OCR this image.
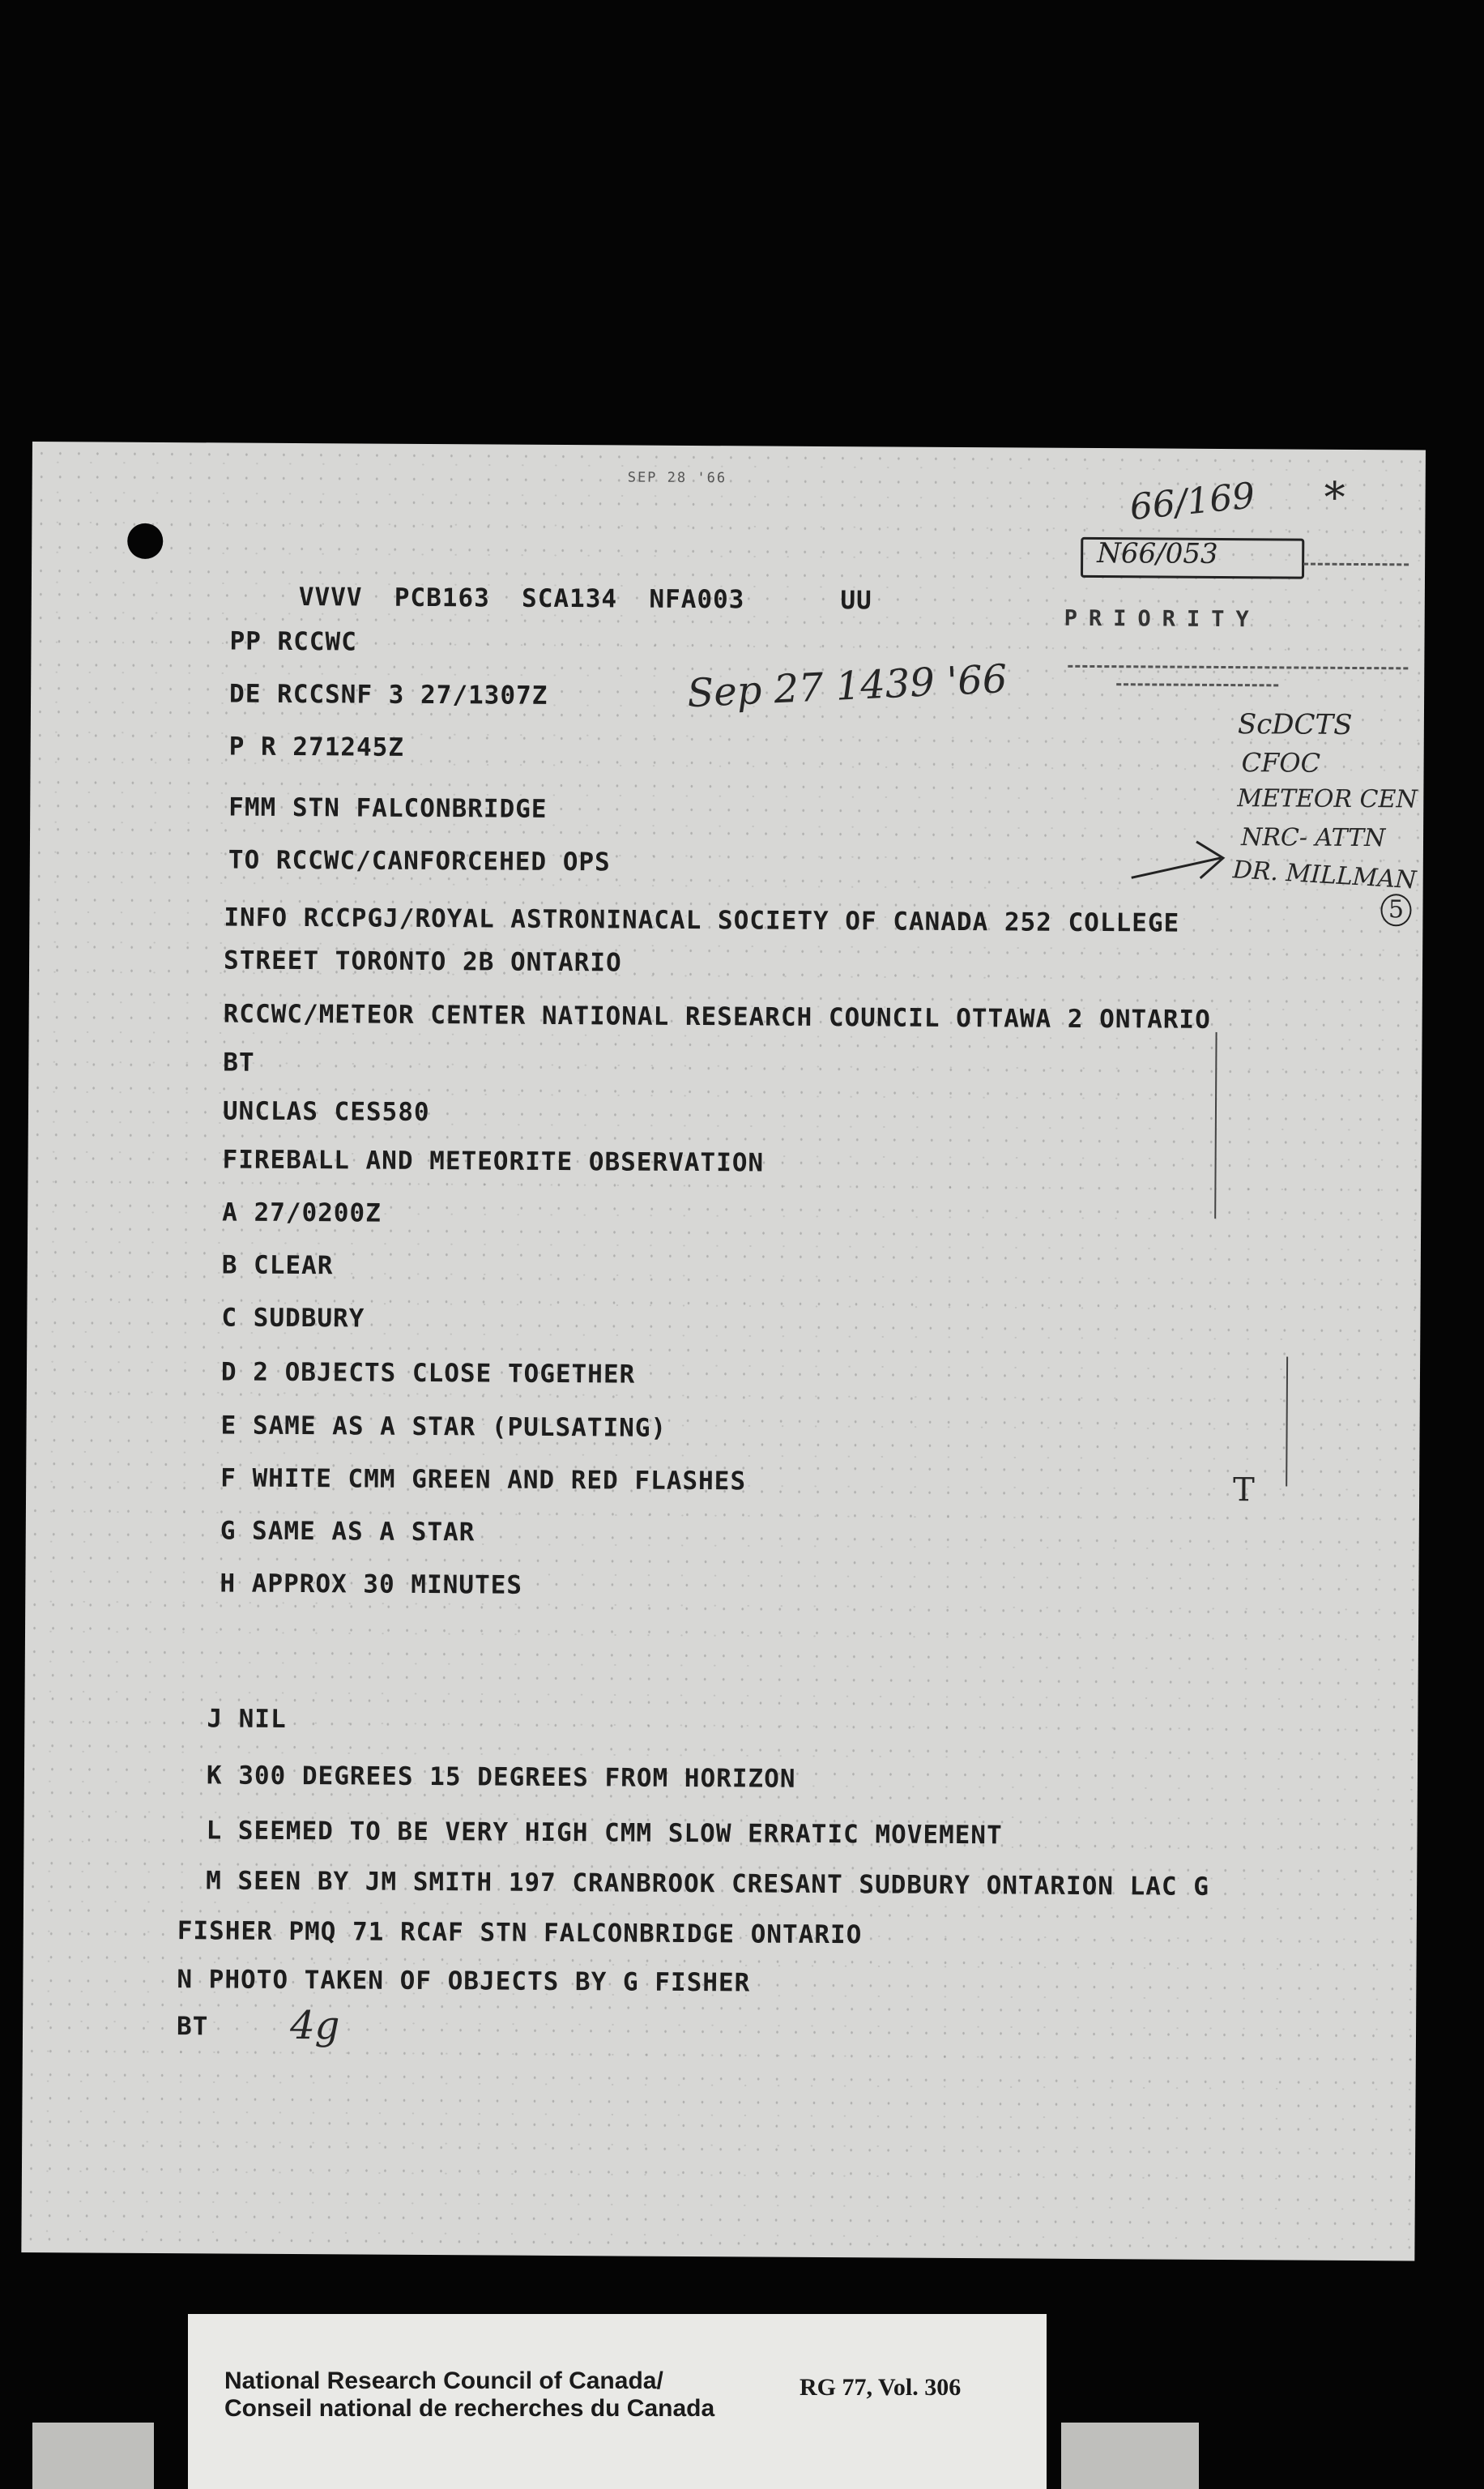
SEP 28 '66
VVVV  PCB163  SCA134  NFA003      UU
PP RCCWC
DE RCCSNF 3 27/1307Z
P R 271245Z
FMM STN FALCONBRIDGE
TO RCCWC/CANFORCEHED OPS
INFO RCCPGJ/ROYAL ASTRONINACAL SOCIETY OF CANADA 252 COLLEGE
STREET TORONTO 2B ONTARIO
RCCWC/METEOR CENTER NATIONAL RESEARCH COUNCIL OTTAWA 2 ONTARIO
BT
UNCLAS CES580
FIREBALL AND METEORITE OBSERVATION
A 27/0200Z
B CLEAR
C SUDBURY
D 2 OBJECTS CLOSE TOGETHER
E SAME AS A STAR (PULSATING)
F WHITE CMM GREEN AND RED FLASHES
G SAME AS A STAR
H APPROX 30 MINUTES
J NIL
K 300 DEGREES 15 DEGREES FROM HORIZON
L SEEMED TO BE VERY HIGH CMM SLOW ERRATIC MOVEMENT
M SEEN BY JM SMITH 197 CRANBROOK CRESANT SUDBURY ONTARION LAC G
FISHER PMQ 71 RCAF STN FALCONBRIDGE ONTARIO
N PHOTO TAKEN OF OBJECTS BY G FISHER
BT
66/169 *
N66/053
PRIORITY
Sep 27 1439 '66
ScDCTS
CFOC
METEOR CEN
NRC- ATTN
DR. MILLMAN
5
4g
T
National Research Council of Canada/
Conseil national de recherches du Canada
RG 77, Vol. 306
